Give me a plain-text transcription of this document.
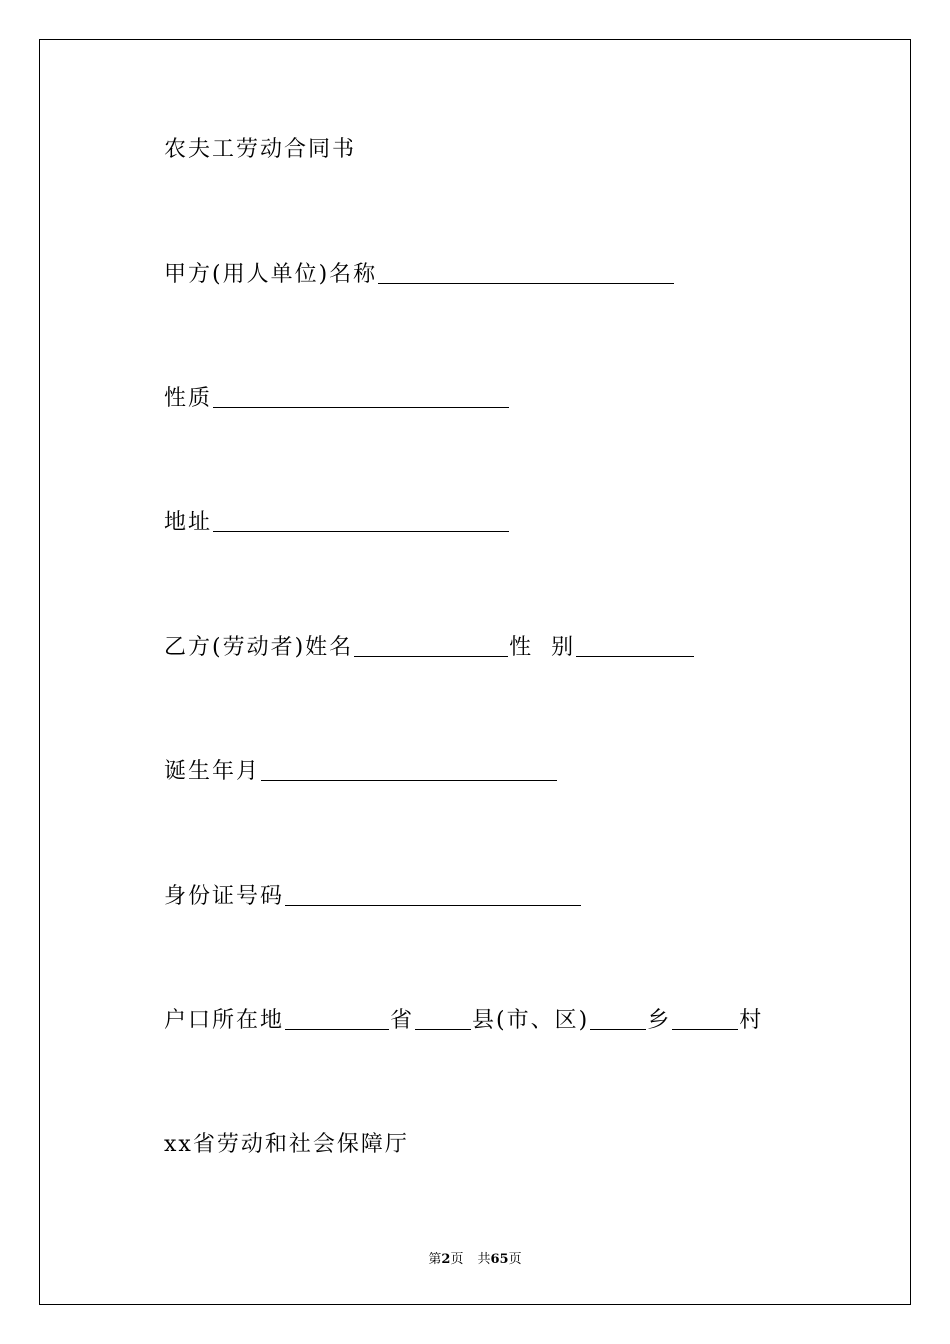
农夫工劳动合同书
甲方(用人单位)名称
性质
地址
乙方(劳动者)姓名	性  别
诞生年月
身份证号码
户口所在地	省	县(市、区)	乡	村
xx省劳动和社会保障厅
第2页 共65页
